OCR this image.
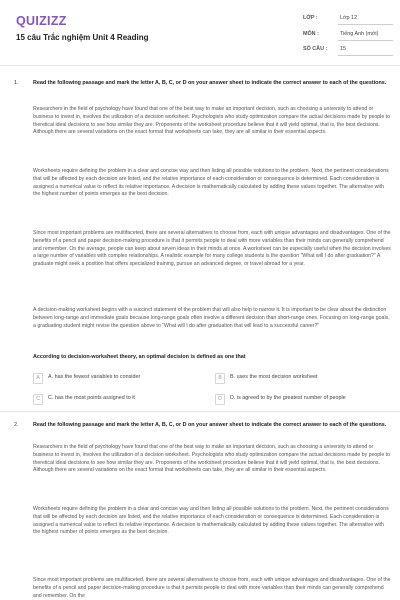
QUIZIZZ
15 câu Trắc nghiệm Unit 4 Reading
LỚP :	Lớp 12
MÔN :	Tiếng Anh (mới)
SỐ CÂU : 15
1.	Read the following passage and mark the letter A, B, C, or D on your answer sheet to indicate the correct answer to each of the questions.

Researchers in the field of psychology have found that one of the best way to make an important decision, such as choosing a university to attend or business to invest in, involves the utilization of a decision worksheet. Psychologists who study optimization compare the actual decisions made by people to theretical ideal decisions to see how similar they are. Proponents of the worksheet procedure believe that it will yield optimal, that is, the best decisions. Although there are several variations on the exact format that worksheets can take, they are all similar in their essential aspects.

Worksheets require defining the problem in a clear and concise way and then listing all possible solutions to the problem. Next, the pertinent considerations that will be affected by each decision are listed, and the relative importance of each consideration or consequence is determined. Each consideration is assigned a numerical value to reflect its relative importance. A decision is mathematically calculated by adding these values together. The alternative with the highest number of points emerges as the best decision.

Since most important problems are multifaceted, there are several alternatives to choose from, each with unique advantages and disadvantages. One of the benefits of a pencil and paper decision-making procedure is that it permits people to deal with more variables than their minds can generally comprehend and remember. On the average, people can keep about seven ideas in their minds at once. A worksheet can be especially useful when the decision involves a large number of variables with complex relationships. A realistic example for many college students is the question "What will I do after graduation?" A graduate might seek a position that offers specialized training, pursue an advanced degree, or travel abroad for a year.

A decision-making worksheet begins with a succinct statement of the problem that will also help to narrow it. It is important to be clear about the distinction between long-range and immediate goals because long-range goals often involve a different decision than short-range ones. Focusing on long-range goals, a graduating student might revise the question above to "What will I do after graduation that will lead to a successful career?"

According to decision-worksheet theory, an optimal decision is defined as one that
A	A. has the fewest variables to consider	B	B. uses the most decision worksheet
C	C. has the most points assigned to it	D	D. is agreed to by the greatest number of people
2.	Read the following passage and mark the letter A, B, C, or D on your answer sheet to indicate the correct answer to each of the questions.

Researchers in the field of psychology have found that one of the best way to make an important decision, such as choosing a university to attend or business to invest in, involves the utilization of a decision worksheet. Psychologists who study optimization compare the actual decisions made by people to theretical ideal decisions to see how similar they are. Proponents of the worksheet procedure believe that it will yield optimal, that is, the best decisions. Although there are several variations on the exact format that worksheets can take, they are all similar in their essential aspects.

Worksheets require defining the problem in a clear and concise way and then listing all possible solutions to the problem. Next, the pertinent considerations that will be affected by each decision are listed, and the relative importance of each consideration or consequence is determined. Each consideration is assigned a numerical value to reflect its relative importance. A decision is mathematically calculated by adding these values together. The alternative with the highest number of points emerges as the best decision.

Since most important problems are multifaceted, there are several alternatives to choose from, each with unique advantages and disadvantages. One of the benefits of a pencil and paper decision-making procedure is that it permits people to deal with more variables than their minds can generally comprehend and remember. On the
